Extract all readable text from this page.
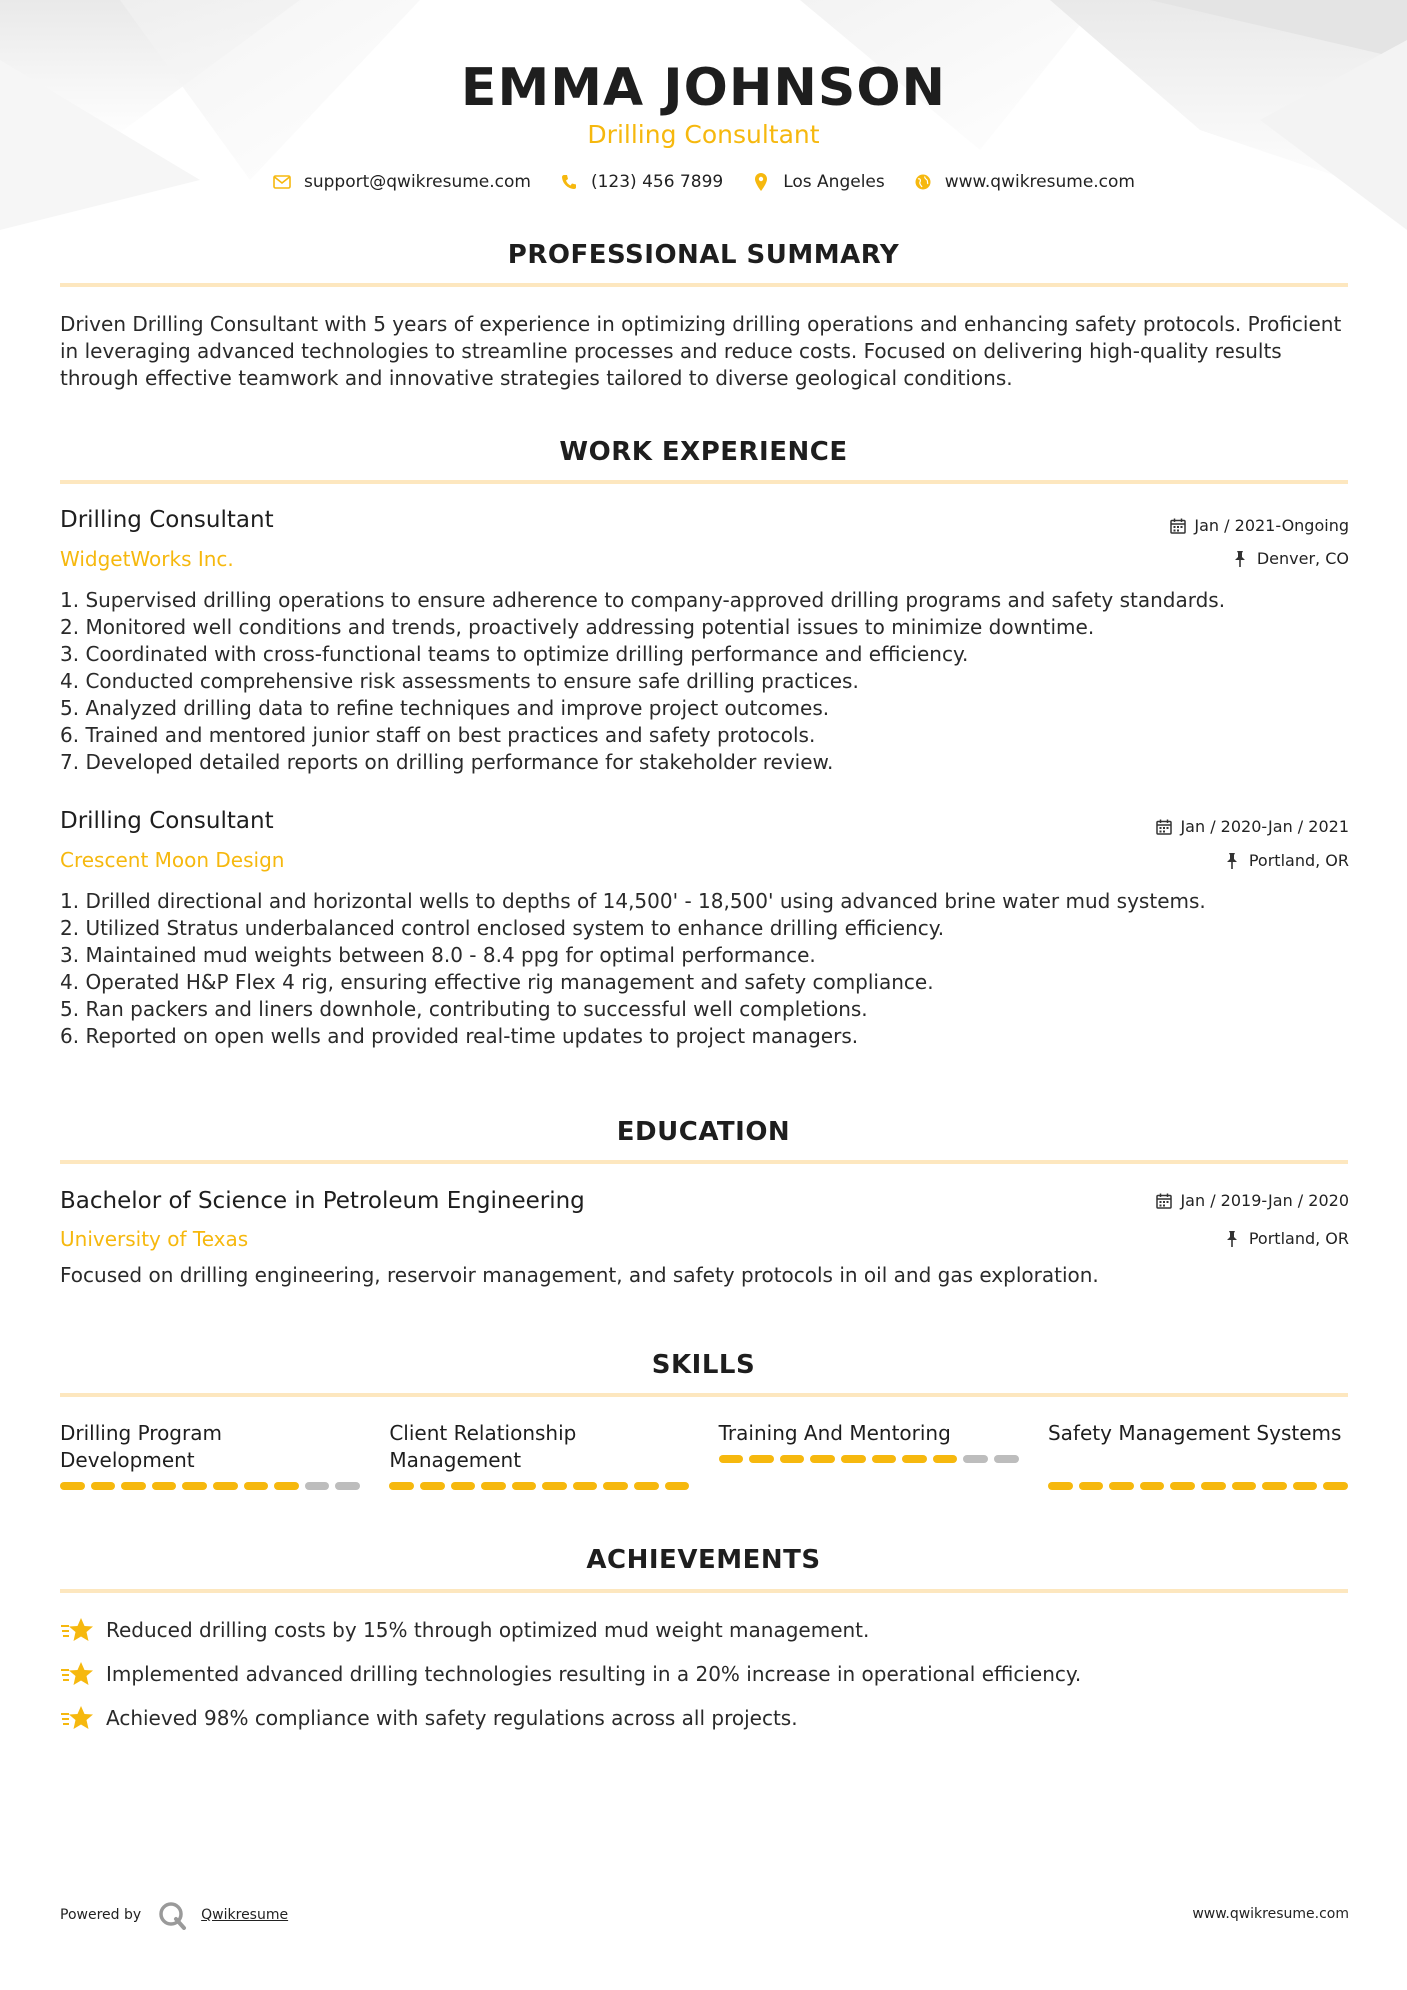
EMMA JOHNSON
Drilling Consultant
support@qwikresume.com	(123) 456 7899	Los Angeles	www.qwikresume.com
PROFESSIONAL SUMMARY
Driven Drilling Consultant with 5 years of experience in optimizing drilling operations and enhancing safety protocols. Proficient in leveraging advanced technologies to streamline processes and reduce costs. Focused on delivering high-quality results through effective teamwork and innovative strategies tailored to diverse geological conditions.
WORK EXPERIENCE
Drilling Consultant
WidgetWorks Inc.
Jan / 2021-Ongoing
Denver, CO
1. Supervised drilling operations to ensure adherence to company-approved drilling programs and safety standards.
2. Monitored well conditions and trends, proactively addressing potential issues to minimize downtime.
3. Coordinated with cross-functional teams to optimize drilling performance and efficiency.
4. Conducted comprehensive risk assessments to ensure safe drilling practices.
5. Analyzed drilling data to refine techniques and improve project outcomes.
6. Trained and mentored junior staff on best practices and safety protocols.
7. Developed detailed reports on drilling performance for stakeholder review.
Drilling Consultant
Crescent Moon Design
Jan / 2020-Jan / 2021
Portland, OR
1. Drilled directional and horizontal wells to depths of 14,500' - 18,500' using advanced brine water mud systems.
2. Utilized Stratus underbalanced control enclosed system to enhance drilling efficiency.
3. Maintained mud weights between 8.0 - 8.4 ppg for optimal performance.
4. Operated H&P Flex 4 rig, ensuring effective rig management and safety compliance.
5. Ran packers and liners downhole, contributing to successful well completions.
6. Reported on open wells and provided real-time updates to project managers.
EDUCATION
Bachelor of Science in Petroleum Engineering
University of Texas
Jan / 2019-Jan / 2020
Portland, OR
Focused on drilling engineering, reservoir management, and safety protocols in oil and gas exploration.
SKILLS
Drilling Program Development
Client Relationship Management
Training And Mentoring	Safety Management Systems
ACHIEVEMENTS
Reduced drilling costs by 15% through optimized mud weight management.
Implemented advanced drilling technologies resulting in a 20% increase in operational efficiency.
Achieved 98% compliance with safety regulations across all projects.
Powered by	Qwikresume	www.qwikresume.com
